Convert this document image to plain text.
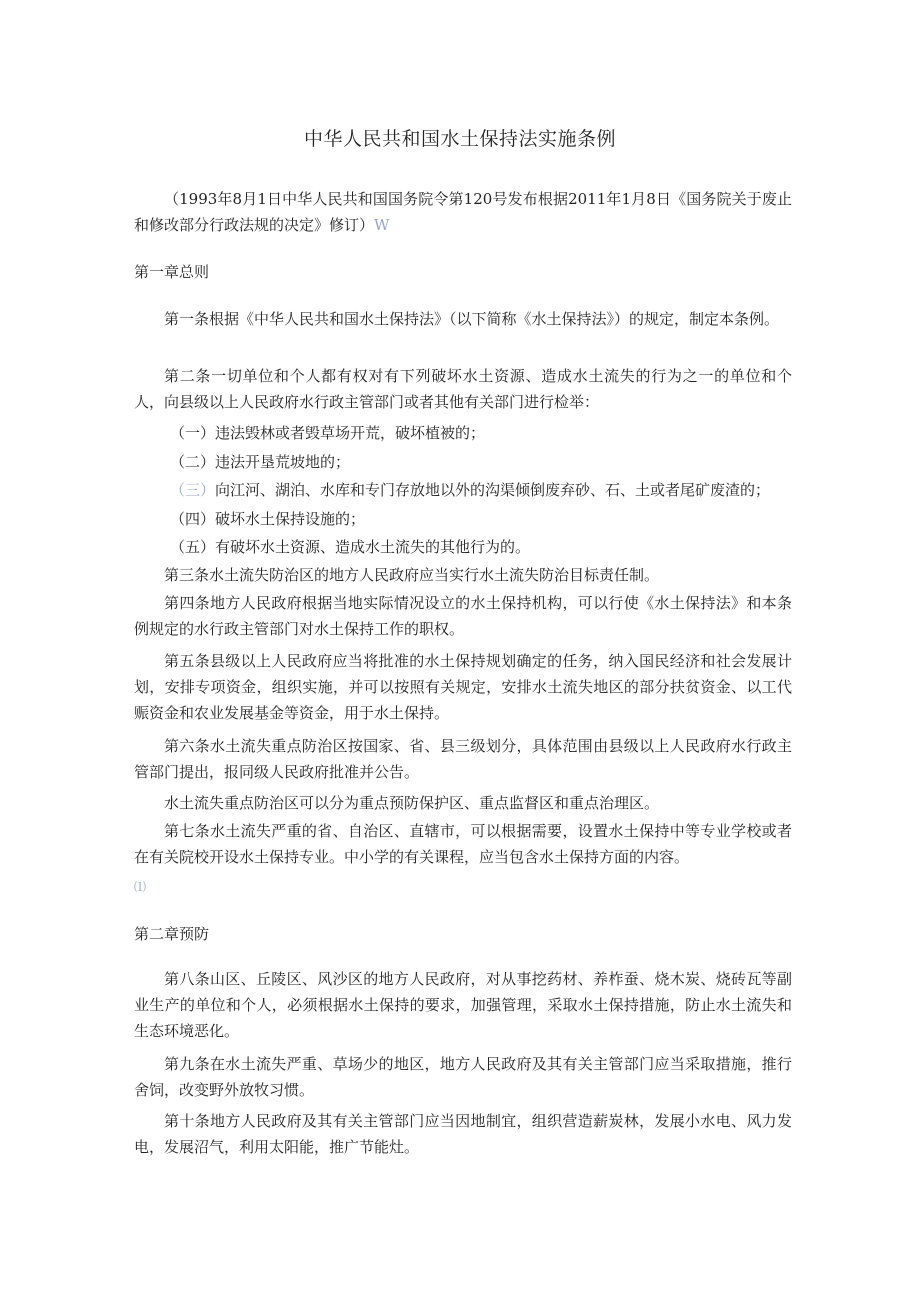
中华人民共和国水土保持法实施条例
（1993年8月1日中华人民共和国国务院令第120号发布根据2011年1月8日《国务院关于废止和修改部分行政法规的决定》修订）W
第一章总则
第一条根据《中华人民共和国水土保持法》（以下简称《水土保持法》）的规定，制定本条例。
第二条一切单位和个人都有权对有下列破坏水土资源、造成水土流失的行为之一的单位和个人，向县级以上人民政府水行政主管部门或者其他有关部门进行检举：
（一）违法毁林或者毁草场开荒，破坏植被的；
（二）违法开垦荒坡地的；
（三）向江河、湖泊、水库和专门存放地以外的沟渠倾倒废弃砂、石、土或者尾矿废渣的；
（四）破坏水土保持设施的；
（五）有破坏水土资源、造成水土流失的其他行为的。
第三条水土流失防治区的地方人民政府应当实行水土流失防治目标责任制。
第四条地方人民政府根据当地实际情况设立的水土保持机构，可以行使《水土保持法》和本条例规定的水行政主管部门对水土保持工作的职权。
第五条县级以上人民政府应当将批准的水土保持规划确定的任务，纳入国民经济和社会发展计划，安排专项资金，组织实施，并可以按照有关规定，安排水土流失地区的部分扶贫资金、以工代赈资金和农业发展基金等资金，用于水土保持。
第六条水土流失重点防治区按国家、省、县三级划分，具体范围由县级以上人民政府水行政主管部门提出，报同级人民政府批准并公告。
水土流失重点防治区可以分为重点预防保护区、重点监督区和重点治理区。
第七条水土流失严重的省、自治区、直辖市，可以根据需要，设置水土保持中等专业学校或者在有关院校开设水土保持专业。中小学的有关课程，应当包含水土保持方面的内容。
⑴
第二章预防
第八条山区、丘陵区、风沙区的地方人民政府，对从事挖药材、养柞蚕、烧木炭、烧砖瓦等副业生产的单位和个人，必须根据水土保持的要求，加强管理，采取水土保持措施，防止水土流失和生态环境恶化。
第九条在水土流失严重、草场少的地区，地方人民政府及其有关主管部门应当采取措施，推行舍饲，改变野外放牧习惯。
第十条地方人民政府及其有关主管部门应当因地制宜，组织营造薪炭林，发展小水电、风力发电，发展沼气，利用太阳能，推广节能灶。
